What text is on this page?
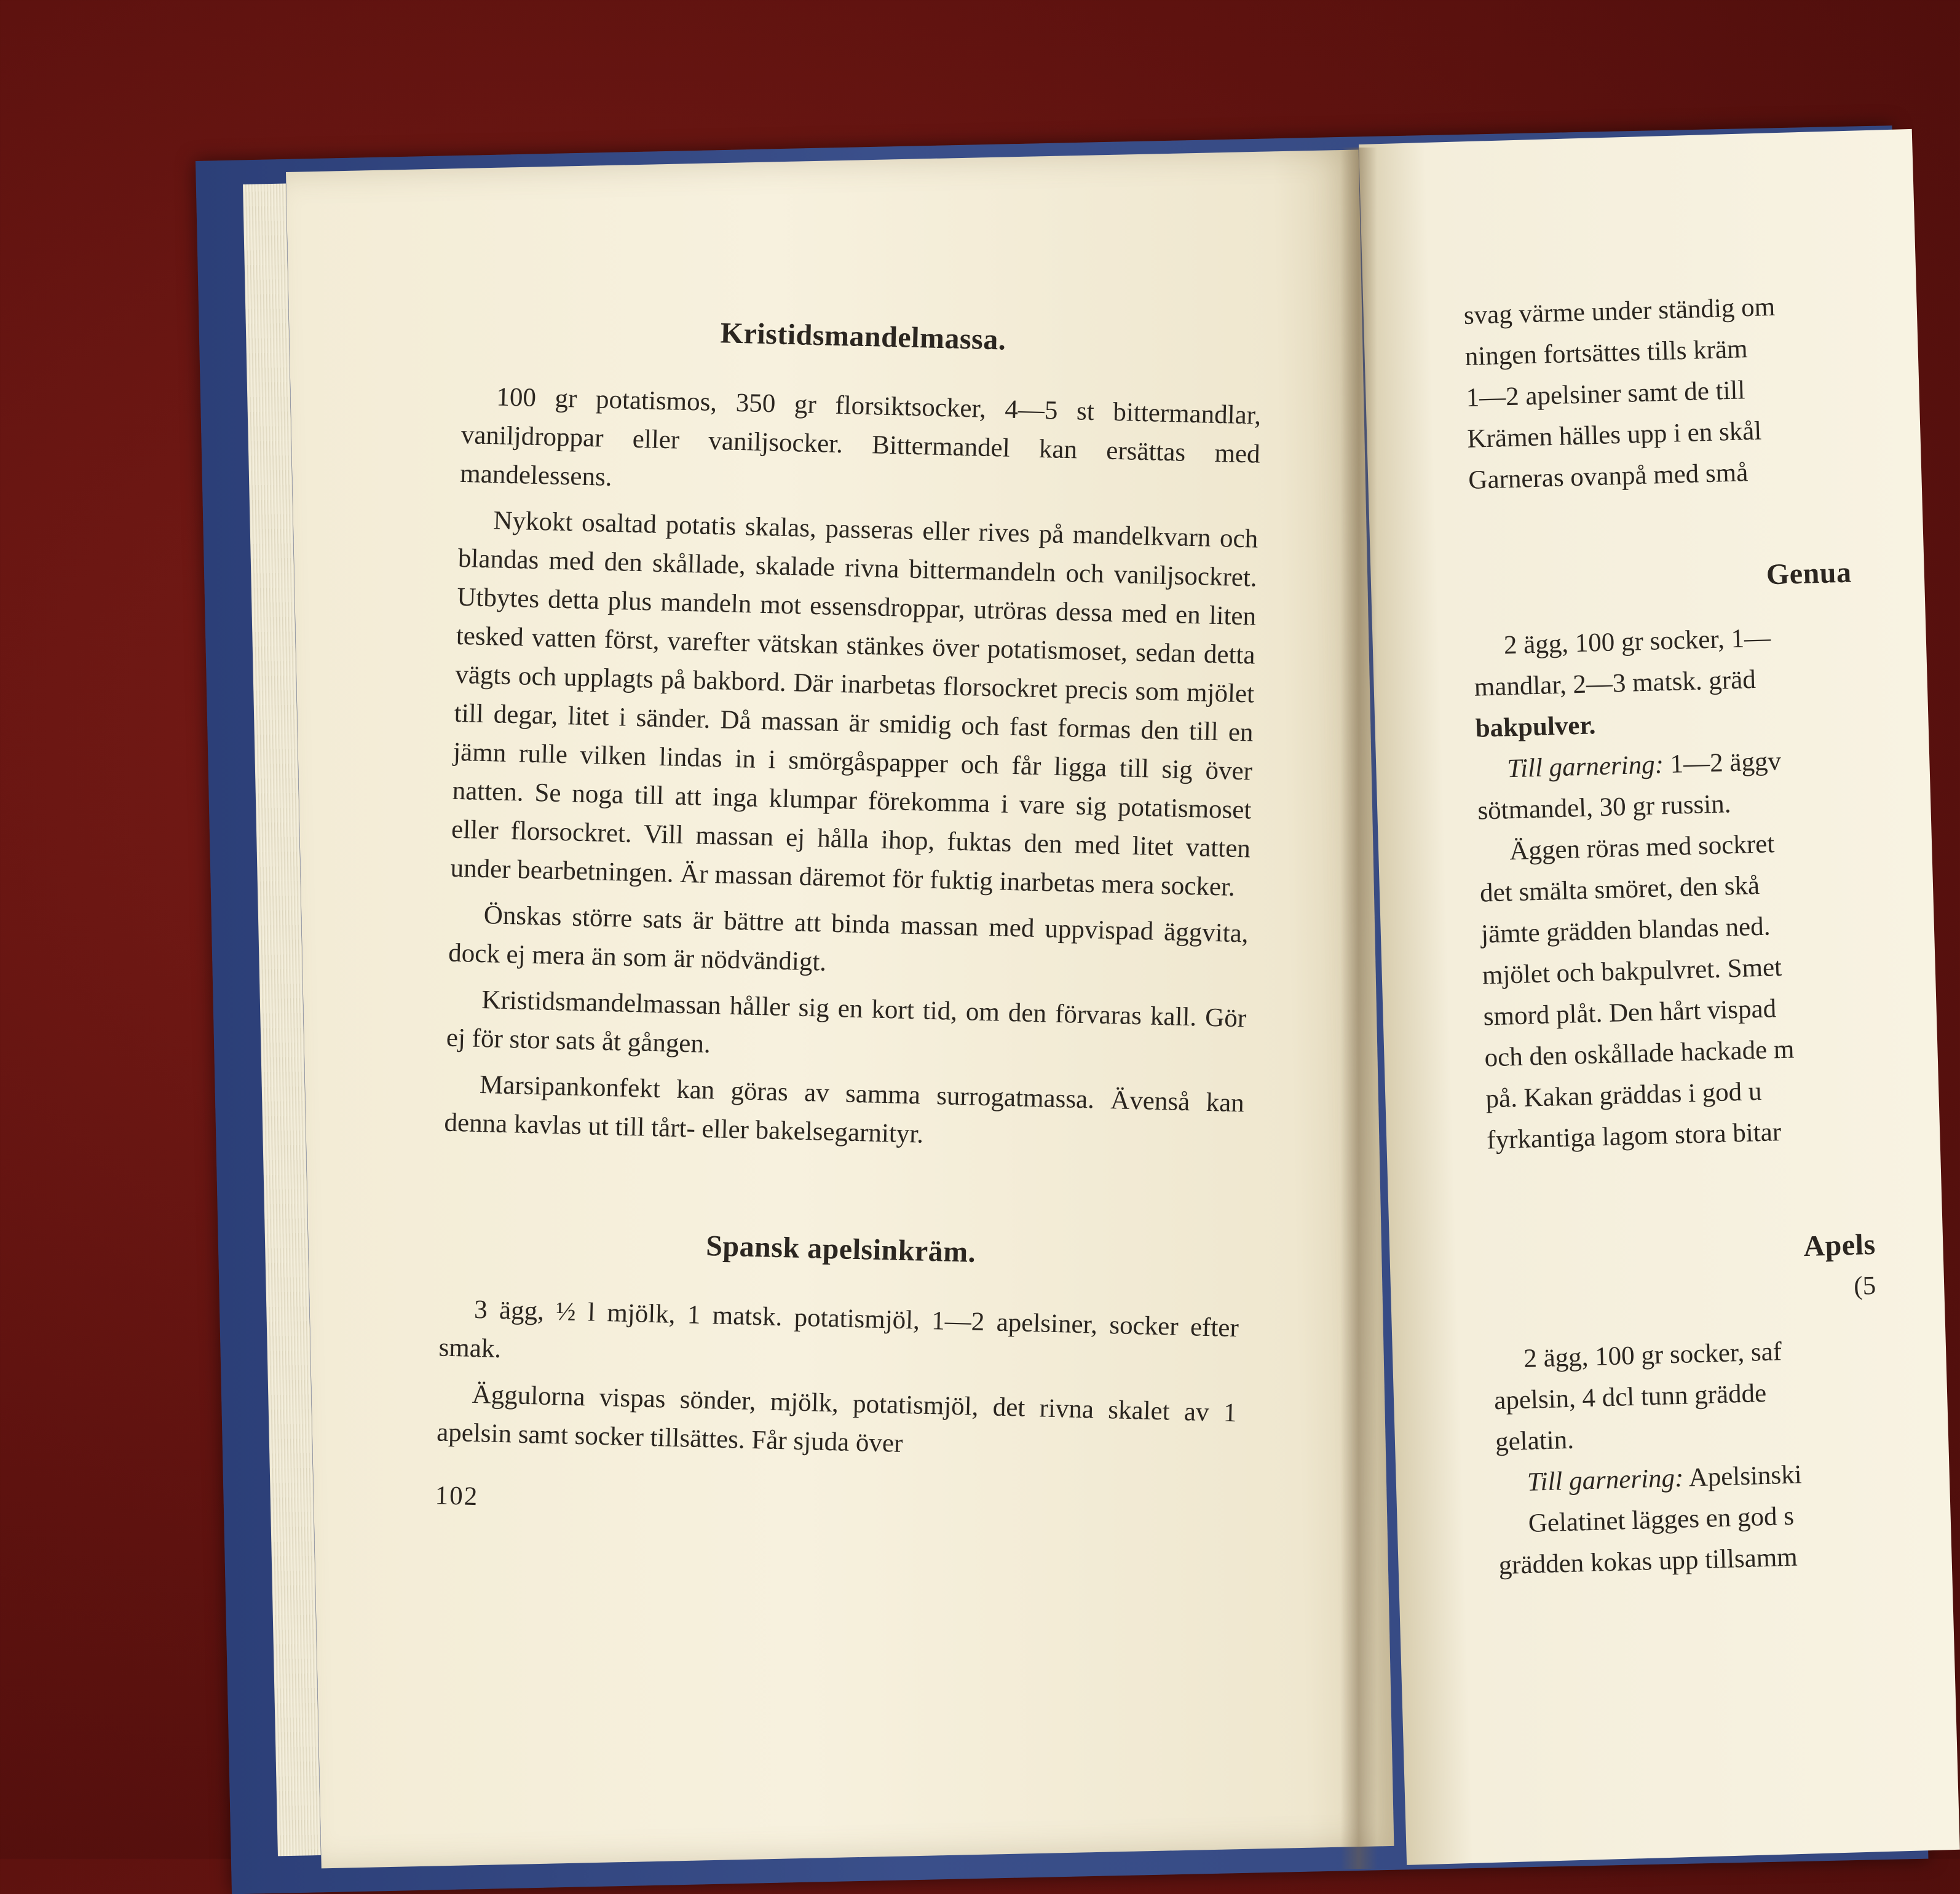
Kristidsmandelmassa.

100 gr potatismos, 350 gr florsiktsocker, 4—5 st bittermandlar, vaniljdroppar eller vaniljsocker. Bittermandel kan ersättas med mandelessens.

Nykokt osaltad potatis skalas, passeras eller rives på mandelkvarn och blandas med den skållade, skalade rivna bittermandeln och vaniljsockret. Utbytes detta plus mandeln mot essensdroppar, utröras dessa med en liten tesked vatten först, varefter vätskan stänkes över potatismoset, sedan detta vägts och upplagts på bakbord. Där inarbetas florsockret precis som mjölet till degar, litet i sänder. Då massan är smidig och fast formas den till en jämn rulle vilken lindas in i smörgåspapper och får ligga till sig över natten. Se noga till att inga klumpar förekomma i vare sig potatismoset eller florsockret. Vill massan ej hålla ihop, fuktas den med litet vatten under bearbetningen. Är massan däremot för fuktig inarbetas mera socker.

Önskas större sats är bättre att binda massan med uppvispad äggvita, dock ej mera än som är nödvändigt.

Kristidsmandelmassan håller sig en kort tid, om den förvaras kall. Gör ej för stor sats åt gången.

Marsipankonfekt kan göras av samma surrogatmassa. Ävenså kan denna kavlas ut till tårt- eller bakelsegarnityr.

Spansk apelsinkräm.

3 ägg, ½ l mjölk, 1 matsk. potatismjöl, 1—2 apelsiner, socker efter smak.

Äggulorna vispas sönder, mjölk, potatismjöl, det rivna skalet av 1 apelsin samt socker tillsättes. Får sjuda över

102
svag värme under ständig om
ningen fortsättes tills kräm
1—2 apelsiner samt de till
Krämen hälles upp i en skål
Garneras ovanpå med små
Genua
2 ägg, 100 gr socker, 1—
mandlar, 2—3 matsk. gräd
bakpulver.
Till garnering: 1—2 äggv
sötmandel, 30 gr russin.
Äggen röras med sockret
det smälta smöret, den skå
jämte grädden blandas ned.
mjölet och bakpulvret. Smet
smord plåt. Den hårt vispad
och den oskållade hackade m
på. Kakan gräddas i god u
fyrkantiga lagom stora bitar
Apels
(5
2 ägg, 100 gr socker, saf
apelsin, 4 dcl tunn grädde
gelatin.
Till garnering: Apelsinski
Gelatinet lägges en god s
grädden kokas upp tillsamm
